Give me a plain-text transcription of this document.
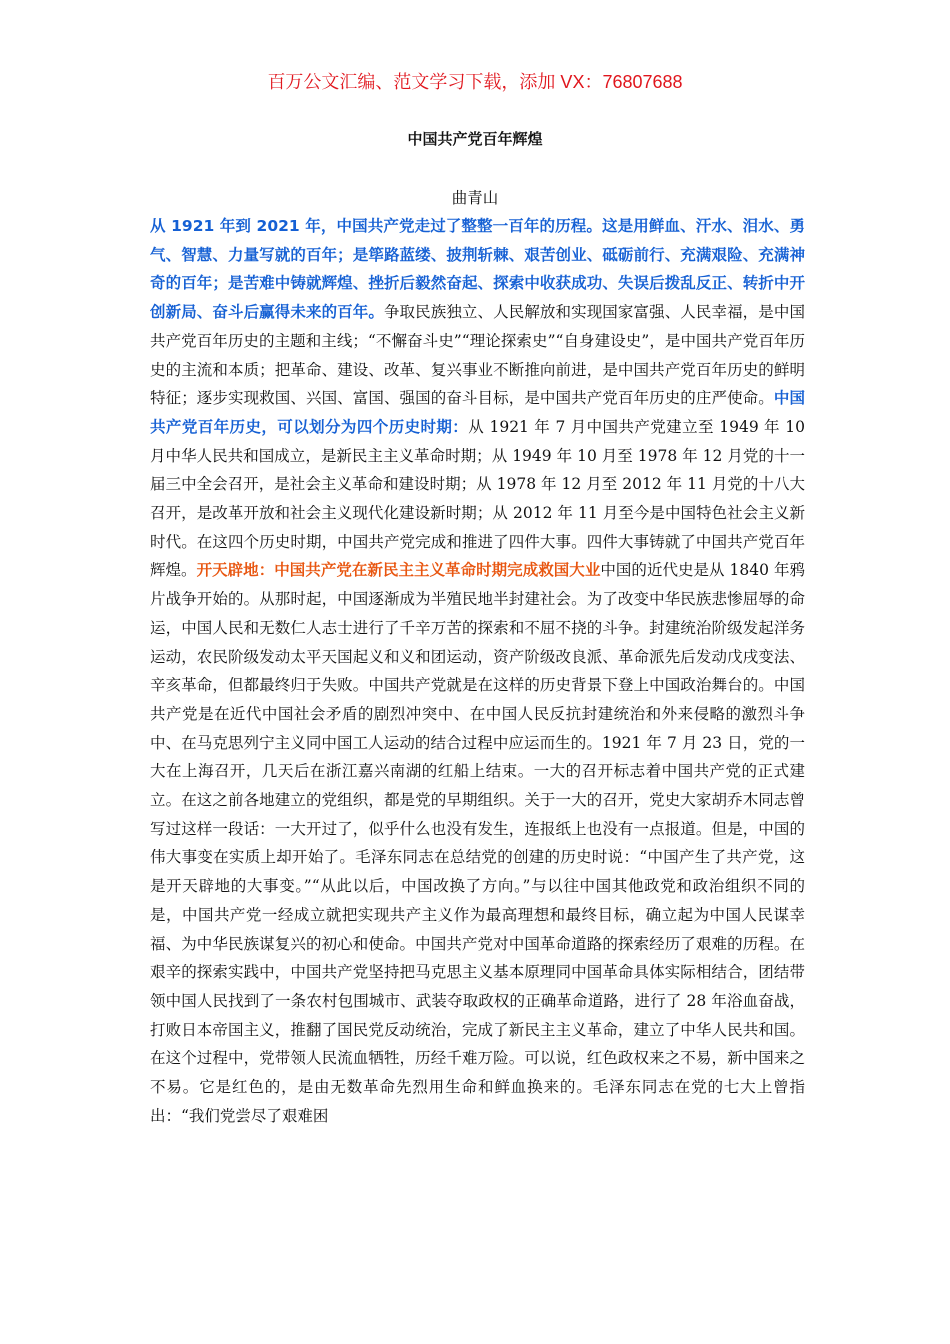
百万公文汇编、范文学习下载，添加 VX：76807688
中国共产党百年辉煌
曲青山
从 1921 年到 2021 年，中国共产党走过了整整一百年的历程。这是用鲜血、汗水、泪水、勇气、智慧、力量写就的百年；是筚路蓝缕、披荆斩棘、艰苦创业、砥砺前行、充满艰险、充满神奇的百年；是苦难中铸就辉煌、挫折后毅然奋起、探索中收获成功、失误后拨乱反正、转折中开创新局、奋斗后赢得未来的百年。争取民族独立、人民解放和实现国家富强、人民幸福，是中国共产党百年历史的主题和主线；“不懈奋斗史”“理论探索史”“自身建设史”，是中国共产党百年历史的主流和本质；把革命、建设、改革、复兴事业不断推向前进，是中国共产党百年历史的鲜明特征；逐步实现救国、兴国、富国、强国的奋斗目标，是中国共产党百年历史的庄严使命。中国共产党百年历史，可以划分为四个历史时期：从 1921 年 7 月中国共产党建立至 1949 年 10 月中华人民共和国成立，是新民主主义革命时期；从 1949 年 10 月至 1978 年 12 月党的十一届三中全会召开，是社会主义革命和建设时期；从 1978 年 12 月至 2012 年 11 月党的十八大召开，是改革开放和社会主义现代化建设新时期；从 2012 年 11 月至今是中国特色社会主义新时代。在这四个历史时期，中国共产党完成和推进了四件大事。四件大事铸就了中国共产党百年辉煌。开天辟地：中国共产党在新民主主义革命时期完成救国大业中国的近代史是从 1840 年鸦片战争开始的。从那时起，中国逐渐成为半殖民地半封建社会。为了改变中华民族悲惨屈辱的命运，中国人民和无数仁人志士进行了千辛万苦的探索和不屈不挠的斗争。封建统治阶级发起洋务运动，农民阶级发动太平天国起义和义和团运动，资产阶级改良派、革命派先后发动戊戌变法、辛亥革命，但都最终归于失败。中国共产党就是在这样的历史背景下登上中国政治舞台的。中国共产党是在近代中国社会矛盾的剧烈冲突中、在中国人民反抗封建统治和外来侵略的激烈斗争中、在马克思列宁主义同中国工人运动的结合过程中应运而生的。1921 年 7 月 23 日，党的一大在上海召开，几天后在浙江嘉兴南湖的红船上结束。一大的召开标志着中国共产党的正式建立。在这之前各地建立的党组织，都是党的早期组织。关于一大的召开，党史大家胡乔木同志曾写过这样一段话：一大开过了，似乎什么也没有发生，连报纸上也没有一点报道。但是，中国的伟大事变在实质上却开始了。毛泽东同志在总结党的创建的历史时说：“中国产生了共产党，这是开天辟地的大事变。”“从此以后，中国改换了方向。”与以往中国其他政党和政治组织不同的是，中国共产党一经成立就把实现共产主义作为最高理想和最终目标，确立起为中国人民谋幸福、为中华民族谋复兴的初心和使命。中国共产党对中国革命道路的探索经历了艰难的历程。在艰辛的探索实践中，中国共产党坚持把马克思主义基本原理同中国革命具体实际相结合，团结带领中国人民找到了一条农村包围城市、武装夺取政权的正确革命道路，进行了 28 年浴血奋战，打败日本帝国主义，推翻了国民党反动统治，完成了新民主主义革命，建立了中华人民共和国。在这个过程中，党带领人民流血牺牲，历经千难万险。可以说，红色政权来之不易，新中国来之不易。它是红色的，是由无数革命先烈用生命和鲜血换来的。毛泽东同志在党的七大上曾指出：“我们党尝尽了艰难困
